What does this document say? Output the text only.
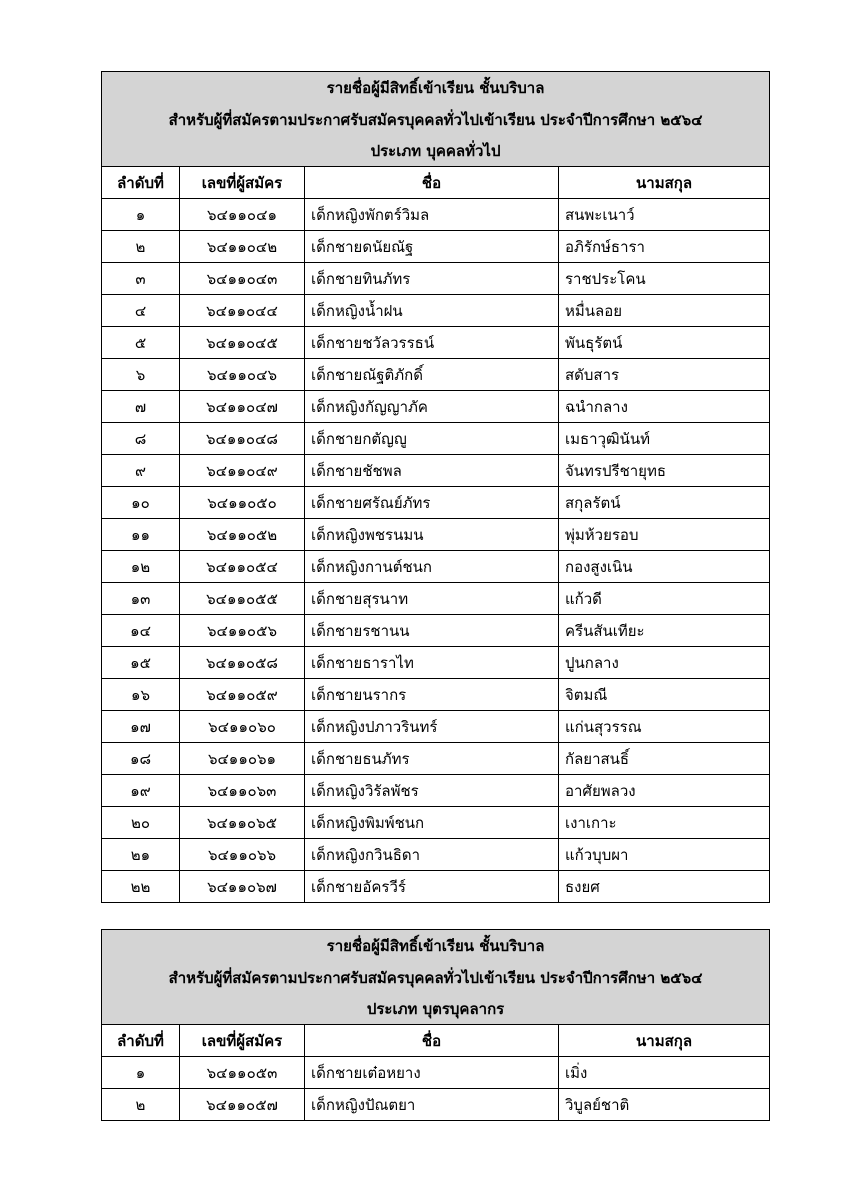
รายชื่อผู้มีสิทธิ์เข้าเรียน ชั้นบริบาล			
สำหรับผู้ที่สมัครตามประกาศรับสมัครบุคคลทั่วไปเข้าเรียน ประจำปีการศึกษา ๒๕๖๔			
ประเภท บุคคลทั่วไป			
ลำดับที่	เลขที่ผู้สมัคร	ชื่อ	นามสกุล
๑	๖๔๑๑๐๔๑	เด็กหญิงพักตร์วิมล	สนพะเนาว์
๒	๖๔๑๑๐๔๒	เด็กชายดนัยณัฐ	อภิรักษ์ธารา
๓	๖๔๑๑๐๔๓	เด็กชายทินภัทร	ราชประโคน
๔	๖๔๑๑๐๔๔	เด็กหญิงน้ำฝน	หมื่นลอย
๕	๖๔๑๑๐๔๕	เด็กชายชวัลวรรธน์	พันธุรัตน์
๖	๖๔๑๑๐๔๖	เด็กชายณัฐติภักดิ์	สดับสาร
๗	๖๔๑๑๐๔๗	เด็กหญิงกัญญาภัค	ฉนำกลาง
๘	๖๔๑๑๐๔๘	เด็กชายกตัญญู	เมธาวุฒินันท์
๙	๖๔๑๑๐๔๙	เด็กชายชัชพล	จันทรปรีชายุทธ
๑๐	๖๔๑๑๐๕๐	เด็กชายศรัณย์ภัทร	สกุลรัตน์
๑๑	๖๔๑๑๐๕๒	เด็กหญิงพชรนมน	พุ่มห้วยรอบ
๑๒	๖๔๑๑๐๕๔	เด็กหญิงกานต์ชนก	กองสูงเนิน
๑๓	๖๔๑๑๐๕๕	เด็กชายสุรนาท	แก้วดี
๑๔	๖๔๑๑๐๕๖	เด็กชายรชานน	ครีนสันเทียะ
๑๕	๖๔๑๑๐๕๘	เด็กชายธาราไท	ปูนกลาง
๑๖	๖๔๑๑๐๕๙	เด็กชายนรากร	จิตมณี
๑๗	๖๔๑๑๐๖๐	เด็กหญิงปภาวรินทร์	แก่นสุวรรณ
๑๘	๖๔๑๑๐๖๑	เด็กชายธนภัทร	กัลยาสนธิ์
๑๙	๖๔๑๑๐๖๓	เด็กหญิงวิรัลพัชร	อาศัยพลวง
๒๐	๖๔๑๑๐๖๕	เด็กหญิงพิมพ์ชนก	เงาเกาะ
๒๑	๖๔๑๑๐๖๖	เด็กหญิงกวินธิดา	แก้วบุบผา
๒๒	๖๔๑๑๐๖๗	เด็กชายอัครวีร์	ธงยศ
รายชื่อผู้มีสิทธิ์เข้าเรียน ชั้นบริบาล			
สำหรับผู้ที่สมัครตามประกาศรับสมัครบุคคลทั่วไปเข้าเรียน ประจำปีการศึกษา ๒๕๖๔			
ประเภท บุตรบุคลากร			
ลำดับที่	เลขที่ผู้สมัคร	ชื่อ	นามสกุล
๑	๖๔๑๑๐๕๓	เด็กชายเต๋อหยาง	เมิ่ง
๒	๖๔๑๑๐๕๗	เด็กหญิงปัณตยา	วิบูลย์ชาติ
